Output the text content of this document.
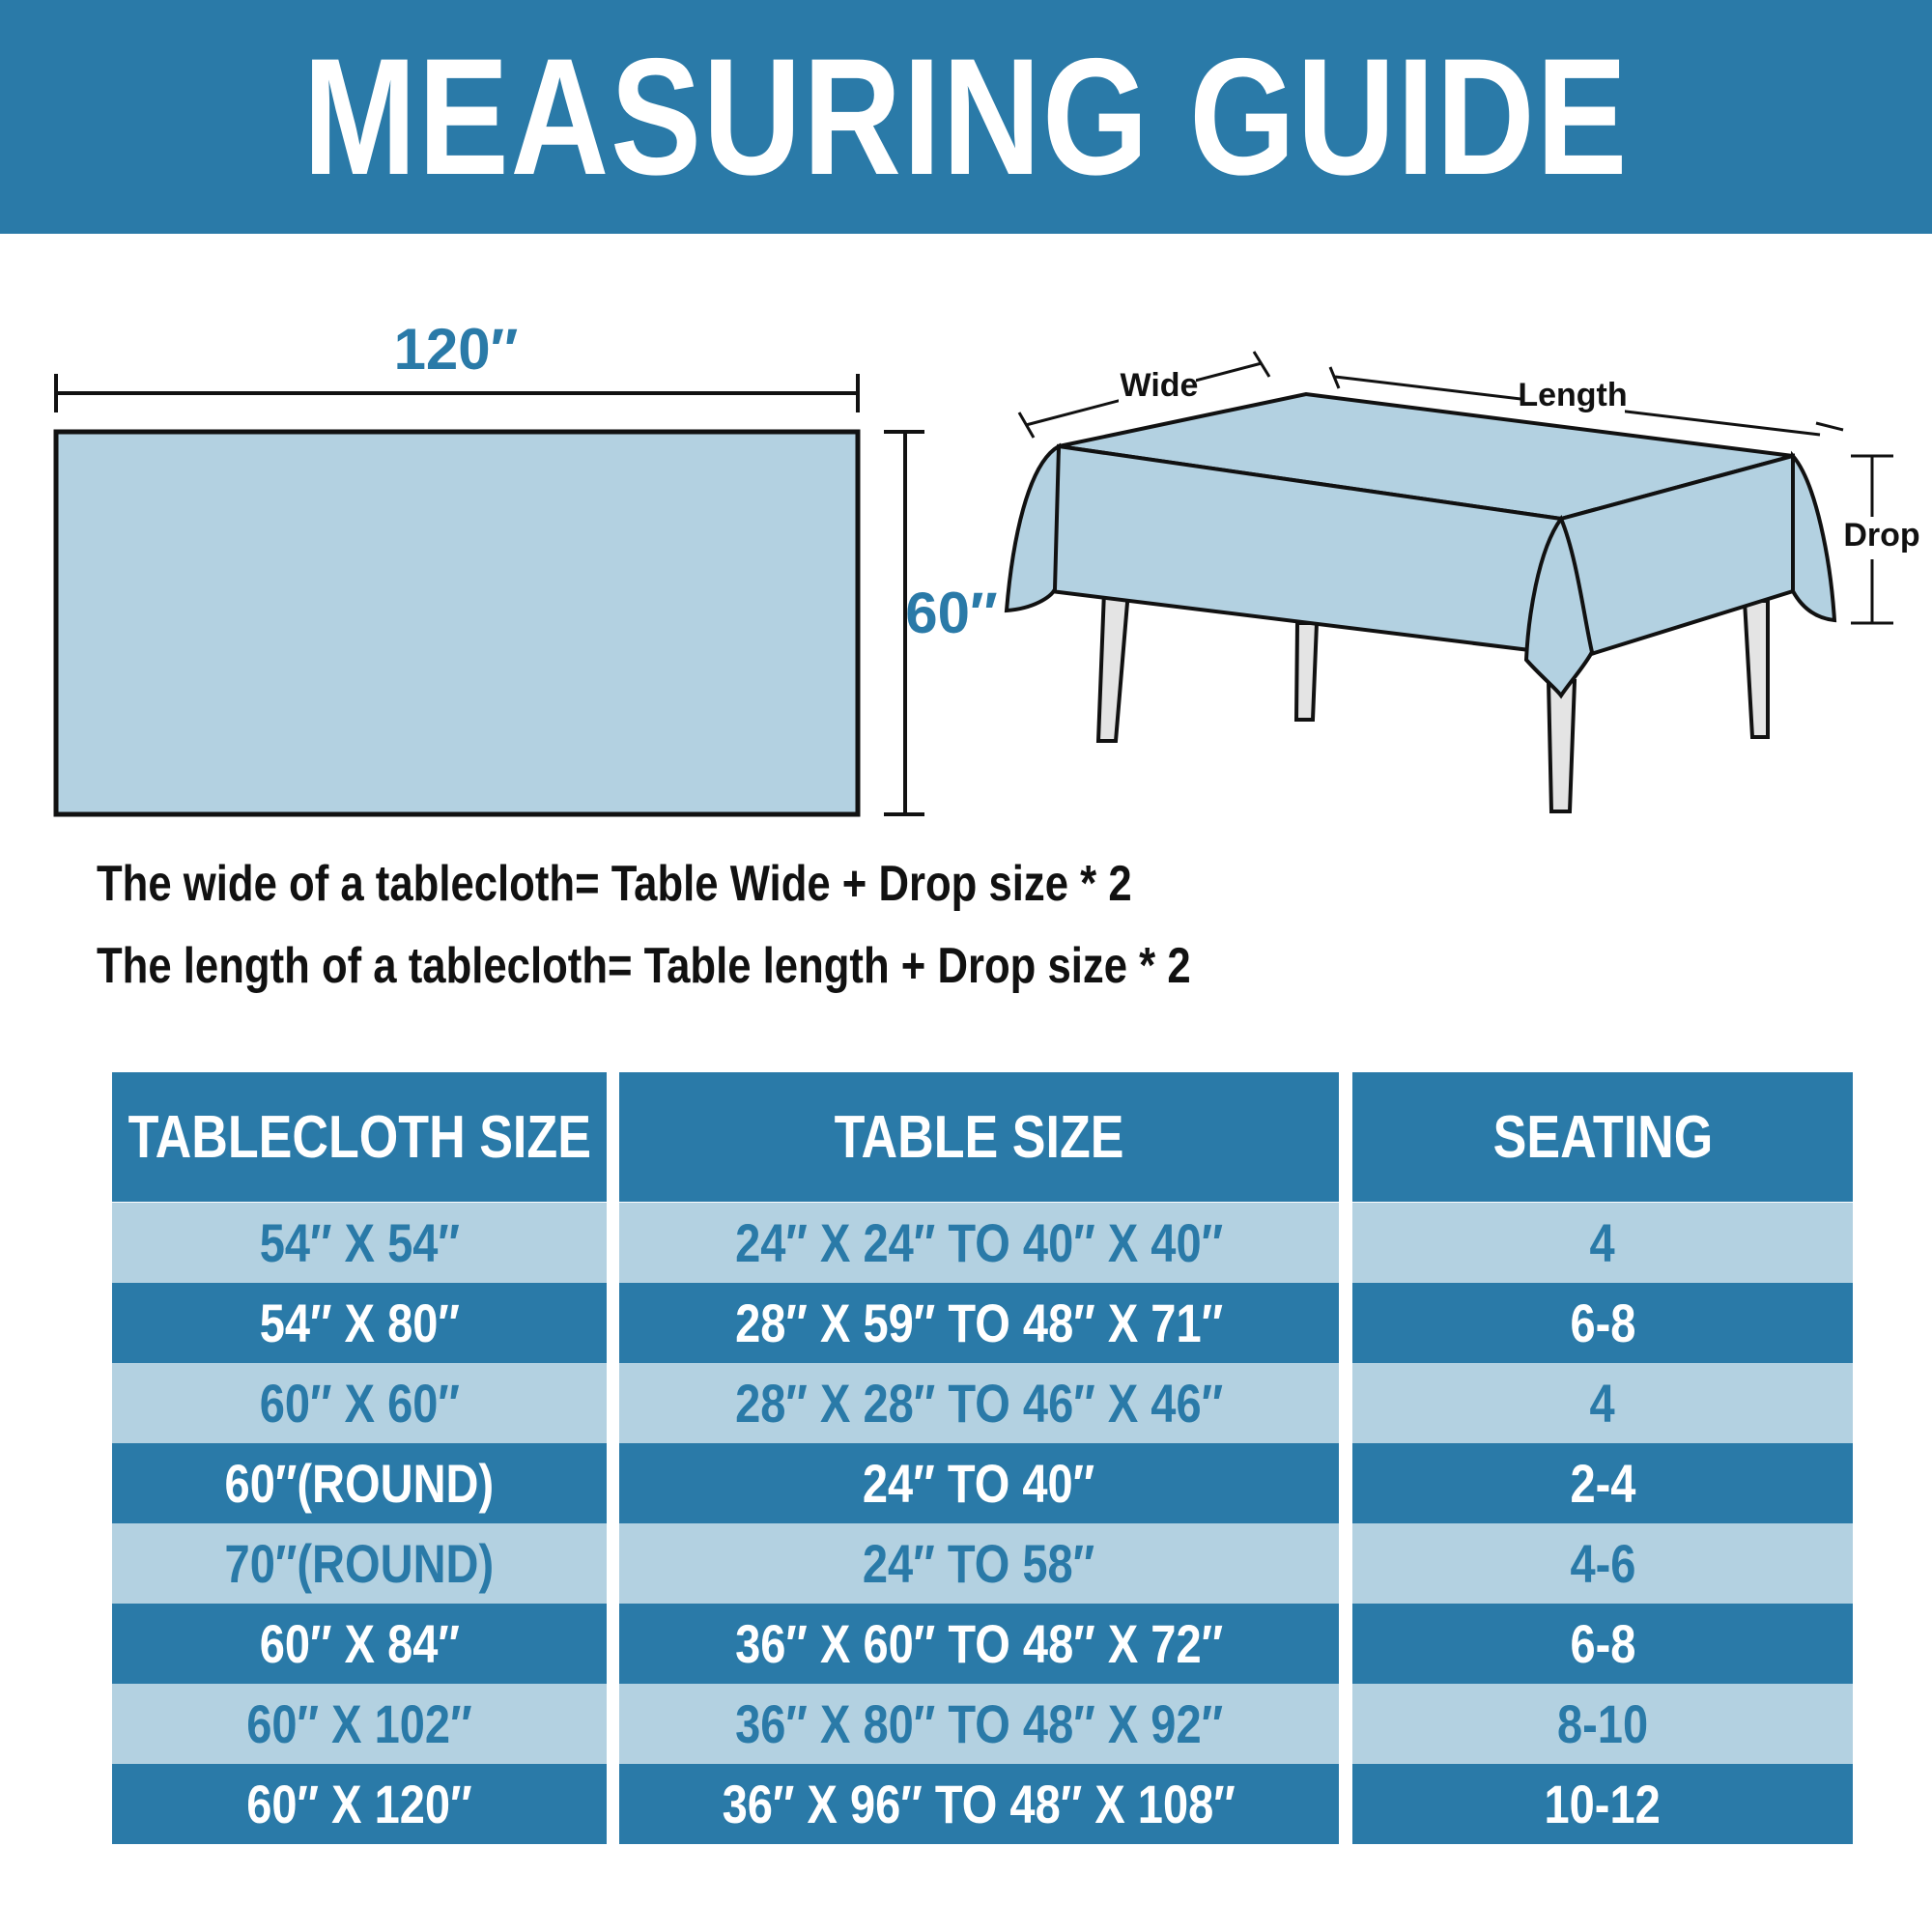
MEASURING GUIDE
120″
60″
Wide	Length
Drop
The wide of a tablecloth= Table Wide + Drop size * 2
The length of a tablecloth= Table length + Drop size * 2
TABLECLOTH SIZE	TABLE SIZE	SEATING
54″ X 54″	24″ X 24″ TO 40″ X 40″	4
54″ X 80″	28″ X 59″ TO 48″ X 71″	6-8
60″ X 60″	28″ X 28″ TO 46″ X 46″	4
60″(ROUND)	24″ TO 40″	2-4
70″(ROUND)	24″ TO 58″	4-6
60″ X 84″	36″ X 60″ TO 48″ X 72″	6-8
60″ X 102″	36″ X 80″ TO 48″ X 92″	8-10
60″ X 120″	36″ X 96″ TO 48″ X 108″	10-12
